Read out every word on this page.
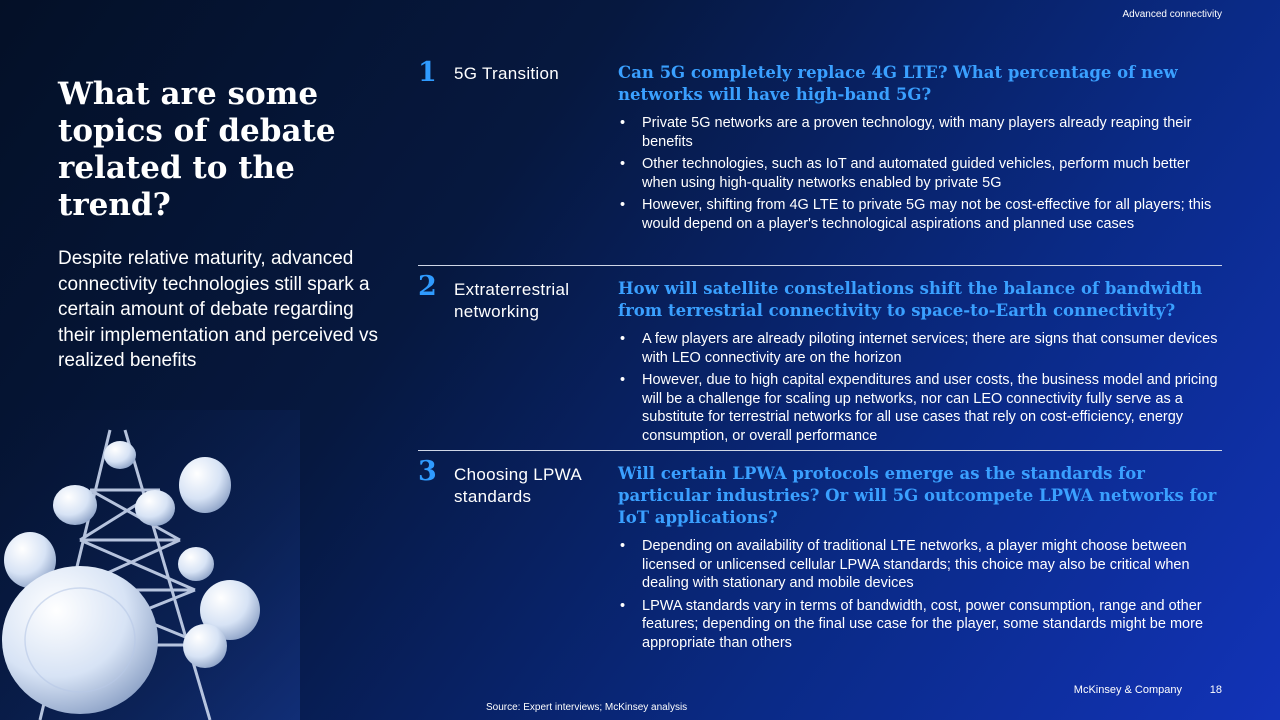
Advanced connectivity
What are some topics of debate related to the trend?

Despite relative maturity, advanced connectivity technologies still spark a certain amount of debate regarding their implementation and perceived vs realized benefits

1	5G Transition	Can 5G completely replace 4G LTE? What percentage of new networks will have high-band 5G?

• Private 5G networks are a proven technology, with many players already reaping their benefits
• Other technologies, such as IoT and automated guided vehicles, perform much better when using high-quality networks enabled by private 5G
• However, shifting from 4G LTE to private 5G may not be cost-effective for all players; this would depend on a player's technological aspirations and planned use cases
2	Extraterrestrial networking

How will satellite constellations shift the balance of bandwidth from terrestrial connectivity to space-to-Earth connectivity?

• A few players are already piloting internet services; there are signs that consumer devices with LEO connectivity are on the horizon
• However, due to high capital expenditures and user costs, the business model and pricing will be a challenge for scaling up networks, nor can LEO connectivity fully serve as a substitute for terrestrial networks for all use cases that rely on cost-efficiency, energy consumption, or overall performance
3	Choosing LPWA standards

Will certain LPWA protocols emerge as the standards for particular industries? Or will 5G outcompete LPWA networks for IoT applications?

• Depending on availability of traditional LTE networks, a player might choose between licensed or unlicensed cellular LPWA standards; this choice may also be critical when dealing with stationary and mobile devices
• LPWA standards vary in terms of bandwidth, cost, power consumption, range and other features; depending on the final use case for the player, some standards might be more appropriate than others
McKinsey & Company	18
Source: Expert interviews; McKinsey analysis
